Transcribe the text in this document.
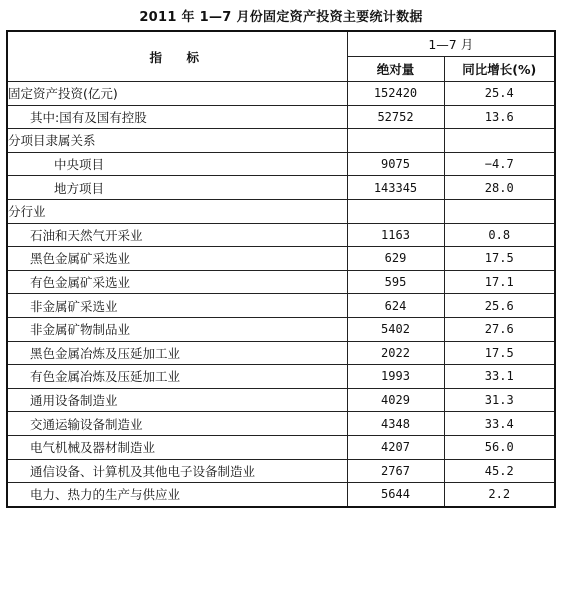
2011 年 1—7 月份固定资产投资主要统计数据
指　标	1—7 月	
	绝对量	同比增长(%)
固定资产投资(亿元)	152420	25.4
其中:国有及国有控股	52752	13.6
分项目隶属关系		
中央项目	9075	−4.7
地方项目	143345	28.0
分行业		
石油和天然气开采业	1163	0.8
黑色金属矿采选业	629	17.5
有色金属矿采选业	595	17.1
非金属矿采选业	624	25.6
非金属矿物制品业	5402	27.6
黑色金属冶炼及压延加工业	2022	17.5
有色金属冶炼及压延加工业	1993	33.1
通用设备制造业	4029	31.3
交通运输设备制造业	4348	33.4
电气机械及器材制造业	4207	56.0
通信设备、计算机及其他电子设备制造业	2767	45.2
电力、热力的生产与供应业	5644	2.2
